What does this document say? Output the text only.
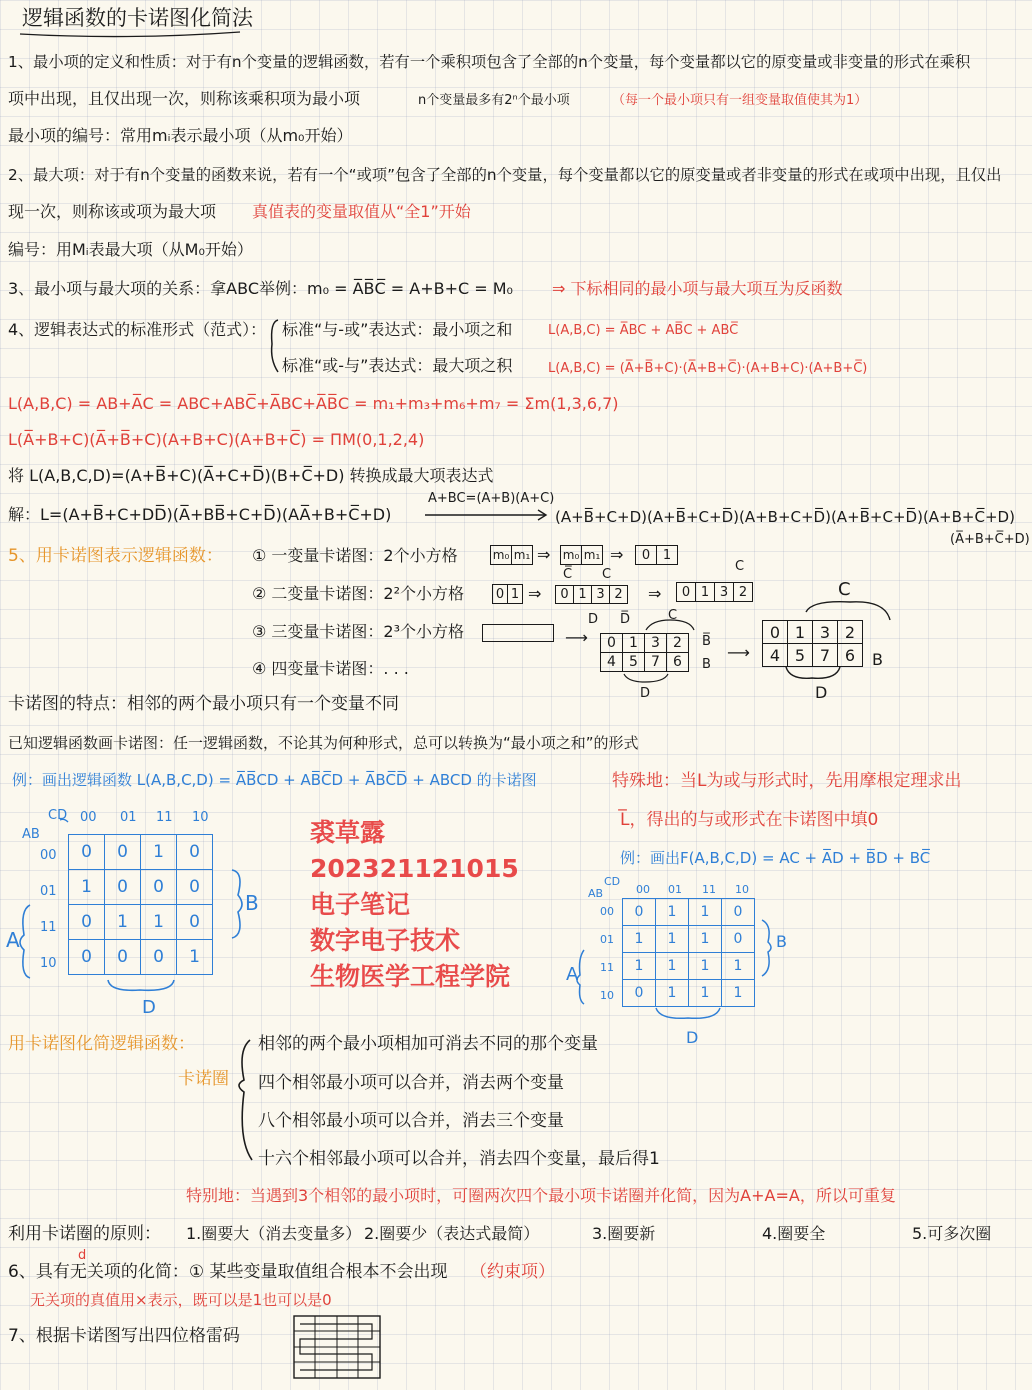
逻辑函数的卡诺图化简法
1、最小项的定义和性质：对于有n个变量的逻辑函数，若有一个乘积项包含了全部的n个变量，每个变量都以它的原变量或非变量的形式在乘积
项中出现，且仅出现一次，则称该乘积项为最小项	n个变量最多有2ⁿ个最小项	（每一个最小项只有一组变量取值使其为1）
最小项的编号：常用mᵢ表示最小项（从m₀开始）
2、最大项：对于有n个变量的函数来说，若有一个“或项”包含了全部的n个变量，每个变量都以它的原变量或者非变量的形式在或项中出现，且仅出
现一次，则称该或项为最大项 真值表的变量取值从“全1”开始
编号：用Mᵢ表最大项（从M₀开始）
3、最小项与最大项的关系：拿ABC举例：m₀ = A̅B̅C̅ = A+B+C = M₀ ⇒ 下标相同的最小项与最大项互为反函数
4、逻辑表达式的标准形式（范式）： 标准“与-或”表达式：最小项之和
标准“或-与”表达式：最大项之积
L(A,B,C) = A̅BC + AB̅C + ABC̅
L(A,B,C) = (A̅+B̅+C)·(A̅+B+C̅)·(A+B+C)·(A+B+C̅)
L(A,B,C) = AB+A̅C = ABC+ABC̅+A̅BC+A̅B̅C = m₁+m₃+m₆+m₇ = Σm(1,3,6,7)
L(A̅+B+C)(A̅+B̅+C)(A+B+C)(A+B+C̅) = ΠM(0,1,2,4)
将 L(A,B,C,D)=(A+B̅+C)(A̅+C+D̅)(B+C̅+D) 转换成最大项表达式
A+BC=(A+B)(A+C)
解：L=(A+B̅+C+DD̅)(A̅+BB̅+C+D̅)(AA̅+B+C̅+D)	(A+B̅+C+D)(A+B̅+C+D̅)(A+B+C+D̅)(A+B̅+C+D̅)(A+B+C̅+D)
(A̅+B+C̅+D)
5、用卡诺图表示逻辑函数： ① 一变量卡诺图：2个小方格
② 二变量卡诺图：2²个小方格
③ 三变量卡诺图：2³个小方格
④ 四变量卡诺图：. . .
m₀	m₁ ⇒ m₀	m₁ ⇒ 0	1
0	1 ⇒ 0	1	3	2
C̅ C
D D̅
⇒ 0	1	3	2
C
⟶ 0	1	3	2
4	5	7	6
C
B̅
B
D
⟶
0	1	3	2
4	5	7	6
C
B
D
卡诺图的特点：相邻的两个最小项只有一个变量不同
已知逻辑函数画卡诺图：任一逻辑函数，不论其为何种形式，总可以转换为“最小项之和”的形式
例：画出逻辑函数 L(A,B,C,D) = A̅B̅CD + AB̅C̅D + A̅BC̅D̅ + ABCD 的卡诺图
CD
AB
00 01 11 10
00
01
11
10
0	0	1	0
1	0	0	0
0	1	1	0
0	0	0	1
B
A
D
裘草露
202321121015
电子笔记
数字电子技术
生物医学工程学院
特殊地：当L为或与形式时，先用摩根定理求出
L̅，得出的与或形式在卡诺图中填0
例：画出F(A,B,C,D) = AC + A̅D + B̅D + BC̅
CD
AB	00 01 11 10
00
01
11
10
0	1	1	0
1	1	1	0
1	1	1	1
0	1	1	1
B
A
D
用卡诺图化简逻辑函数：
卡诺圈
相邻的两个最小项相加可消去不同的那个变量
四个相邻最小项可以合并，消去两个变量
八个相邻最小项可以合并，消去三个变量
十六个相邻最小项可以合并，消去四个变量，最后得1
特别地：当遇到3个相邻的最小项时，可圈两次四个最小项卡诺圈并化简，因为A+A=A，所以可重复
利用卡诺圈的原则： 1.圈要大（消去变量多） 2.圈要少（表达式最简）	3.圈要新	4.圈要全	5.可多次圈
d
6、具有无关项的化简：① 某些变量取值组合根本不会出现 （约束项）
无关项的真值用×表示，既可以是1也可以是0
7、根据卡诺图写出四位格雷码
